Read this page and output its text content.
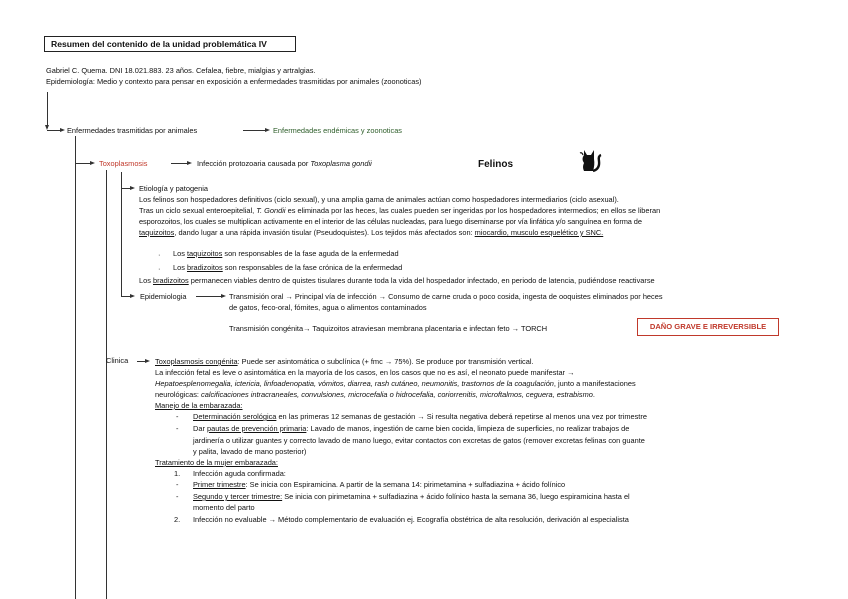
Resumen del contenido de la unidad problemática IV
Gabriel C. Quema. DNI 18.021.883. 23 años. Cefalea, fiebre, mialgias y artralgias.
Epidemiología: Medio y contexto para pensar en exposición a enfermedades trasmitidas por animales (zoonoticas)
Enfermedades trasmitidas por animales	Enfermedades endémicas y zoonoticas
Toxoplasmosis	Infección protozoaria causada por Toxoplasma gondii	Felinos
Etiología y patogenia
Los felinos son hospedadores definitivos (ciclo sexual), y una amplia gama de animales actúan como hospedadores intermediarios (ciclo asexual).
Tras un ciclo sexual enteroepitelial, T. Gondii es eliminada por las heces, las cuales pueden ser ingeridas por los hospedadores intermedios; en ellos se liberan
esporozoitos, los cuales se multiplican activamente en el interior de las células nucleadas, para luego diseminarse por vía linfática y/o sanguínea en forma de
taquizoitos, dando lugar a una rápida invasión tisular (Pseudoquistes). Los tejidos más afectados son: miocardio, musculo esquelético y SNC.
· Los taquizoitos son responsables de la fase aguda de la enfermedad
· Los bradizoitos son responsables de la fase crónica de la enfermedad
Los bradizoitos permanecen viables dentro de quistes tisulares durante toda la vida del hospedador infectado, en periodo de latencia, pudiéndose reactivarse
Epidemiologia	Transmisión oral → Principal vía de infección → Consumo de carne cruda o poco cosida, ingesta de ooquistes eliminados por heces
de gatos, feco-oral, fómites, agua o alimentos contaminados
Transmisión congénita→ Taquizoitos atraviesan membrana placentaria e infectan feto → TORCH	DAÑO GRAVE E IRREVERSIBLE
Clinica	Toxoplasmosis congénita: Puede ser asintomática o subclínica (+ fmc → 75%). Se produce por transmisión vertical.
La infección fetal es leve o asintomática en la mayoría de los casos, en los casos que no es así, el neonato puede manifestar →
Hepatoesplenomegalia, ictericia, linfoadenopatia, vómitos, diarrea, rash cutáneo, neumonitis, trastornos de la coagulación, junto a manifestaciones
neurológicas: calcificaciones intracraneales, convulsiones, microcefalia o hidrocefalia, coriorrenitis, microftalmos, ceguera, estrabismo.
Manejo de la embarazada:
- Determinación serológica en las primeras 12 semanas de gestación → Si resulta negativa deberá repetirse al menos una vez por trimestre
- Dar pautas de prevención primaria: Lavado de manos, ingestión de carne bien cocida, limpieza de superficies, no realizar trabajos de
jardinería o utilizar guantes y correcto lavado de mano luego, evitar contactos con excretas de gatos (remover excretas felinas con guante
y palita, lavado de mano posterior)
Tratamiento de la mujer embarazada:
1. Infección aguda confirmada:
- Primer trimestre: Se inicia con Espiramicina. A partir de la semana 14: pirimetamina + sulfadiazina + ácido folínico
- Segundo y tercer trimestre: Se inicia con pirimetamina + sulfadiazina + ácido folínico hasta la semana 36, luego espiramicina hasta el
momento del parto
2. Infección no evaluable → Método complementario de evaluación ej. Ecografía obstétrica de alta resolución, derivación al especialista
